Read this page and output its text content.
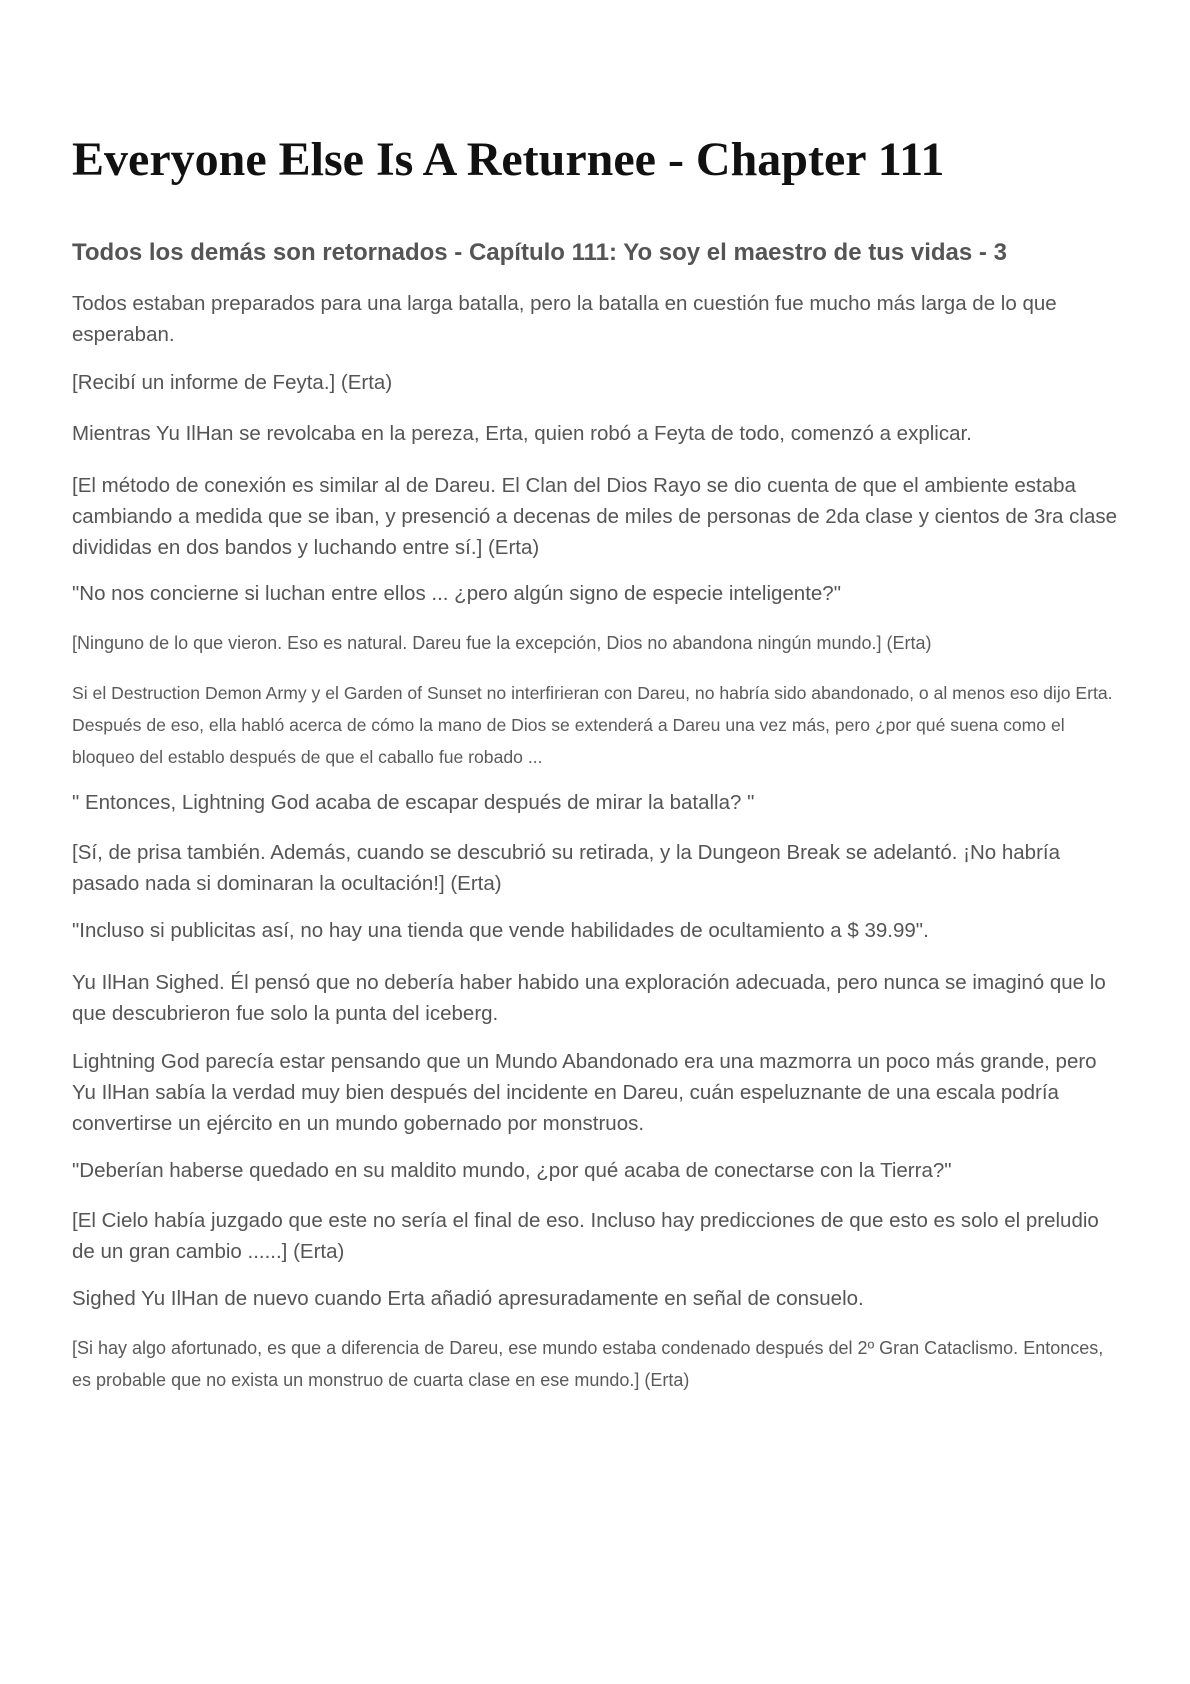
Everyone Else Is A Returnee - Chapter 111
Todos los demás son retornados - Capítulo 111: Yo soy el maestro de tus vidas - 3

Todos estaban preparados para una larga batalla, pero la batalla en cuestión fue mucho más larga de lo que esperaban.

[Recibí un informe de Feyta.] (Erta)

Mientras Yu IlHan se revolcaba en la pereza, Erta, quien robó a Feyta de todo, comenzó a explicar.

[El método de conexión es similar al de Dareu. El Clan del Dios Rayo se dio cuenta de que el ambiente estaba cambiando a medida que se iban, y presenció a decenas de miles de personas de 2da clase y cientos de 3ra clase divididas en dos bandos y luchando entre sí.] (Erta)

"No nos concierne si luchan entre ellos ... ¿pero algún signo de especie inteligente?"

[Ninguno de lo que vieron. Eso es natural. Dareu fue la excepción, Dios no abandona ningún mundo.] (Erta)

Si el Destruction Demon Army y el Garden of Sunset no interfirieran con Dareu, no habría sido abandonado, o al menos eso dijo Erta. Después de eso, ella habló acerca de cómo la mano de Dios se extenderá a Dareu una vez más, pero ¿por qué suena como el bloqueo del establo después de que el caballo fue robado ...

" Entonces, Lightning God acaba de escapar después de mirar la batalla? "

[Sí, de prisa también. Además, cuando se descubrió su retirada, y la Dungeon Break se adelantó. ¡No habría pasado nada si dominaran la ocultación!] (Erta)

"Incluso si publicitas así, no hay una tienda que vende habilidades de ocultamiento a $ 39.99".

Yu IlHan Sighed. Él pensó que no debería haber habido una exploración adecuada, pero nunca se imaginó que lo que descubrieron fue solo la punta del iceberg.

Lightning God parecía estar pensando que un Mundo Abandonado era una mazmorra un poco más grande, pero Yu IlHan sabía la verdad muy bien después del incidente en Dareu, cuán espeluznante de una escala podría convertirse un ejército en un mundo gobernado por monstruos.

"Deberían haberse quedado en su maldito mundo, ¿por qué acaba de conectarse con la Tierra?"

[El Cielo había juzgado que este no sería el final de eso. Incluso hay predicciones de que esto es solo el preludio de un gran cambio ......] (Erta)

Sighed Yu IlHan de nuevo cuando Erta añadió apresuradamente en señal de consuelo.

[Si hay algo afortunado, es que a diferencia de Dareu, ese mundo estaba condenado después del 2º Gran Cataclismo. Entonces, es probable que no exista un monstruo de cuarta clase en ese mundo.] (Erta)
